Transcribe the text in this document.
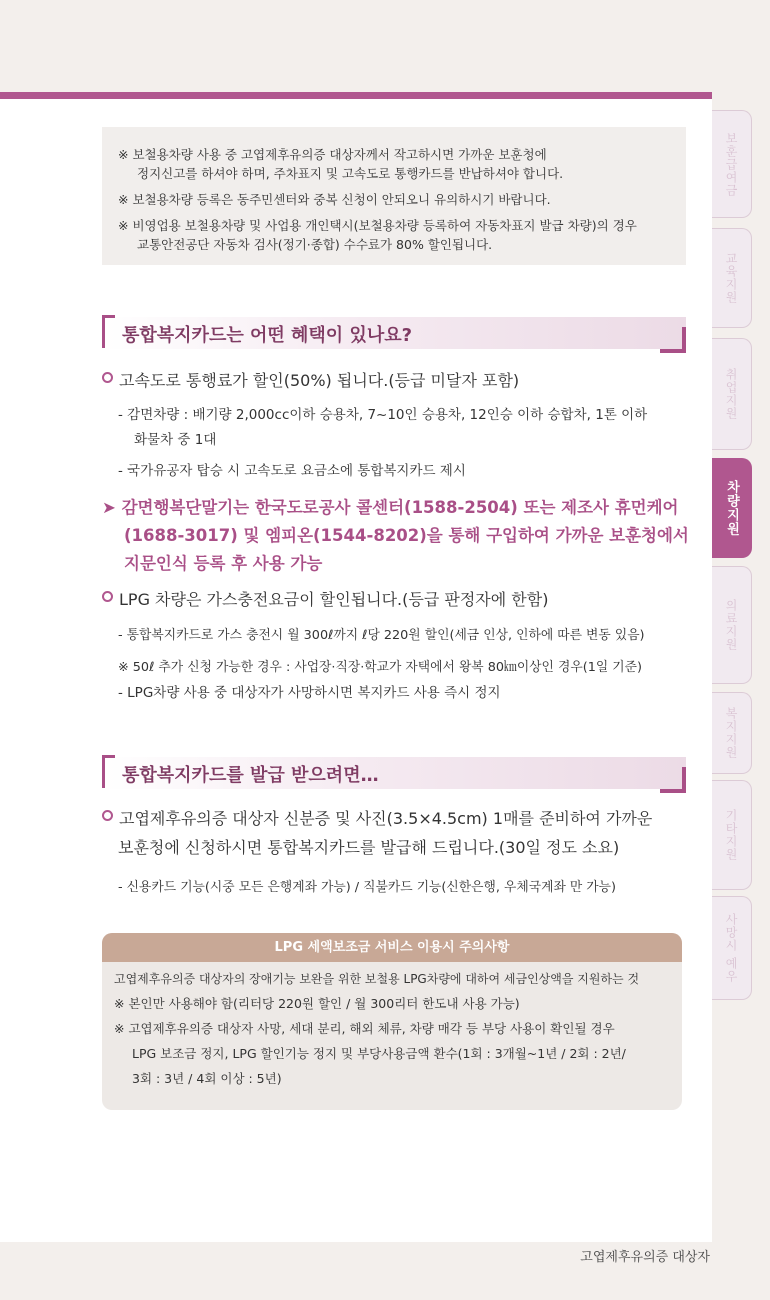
고엽제후유의증 대상자
보훈급여금
교육지원
취업지원
차량지원
의료지원
복지지원
기타지원
사망시 예우
※ 보철용차량 사용 중 고엽제후유의증 대상자께서 작고하시면 가까운 보훈청에
정지신고를 하셔야 하며, 주차표지 및 고속도로 통행카드를 반납하셔야 합니다.
※ 보철용차량 등록은 동주민센터와 중복 신청이 안되오니 유의하시기 바랍니다.
※ 비영업용 보철용차량 및 사업용 개인택시(보철용차량 등록하여 자동차표지 발급 차량)의 경우
교통안전공단 자동차 검사(정기·종합) 수수료가 80% 할인됩니다.
통합복지카드는 어떤 혜택이 있나요?
고속도로 통행료가 할인(50%) 됩니다.(등급 미달자 포함)
- 감면차량 : 배기량 2,000cc이하 승용차, 7~10인 승용차, 12인승 이하 승합차, 1톤 이하
화물차 중 1대
- 국가유공자 탑승 시 고속도로 요금소에 통합복지카드 제시
➤ 감면행복단말기는 한국도로공사 콜센터(1588-2504) 또는 제조사 휴먼케어
(1688-3017) 및 엠피온(1544-8202)을 통해 구입하여 가까운 보훈청에서
지문인식 등록 후 사용 가능
LPG 차량은 가스충전요금이 할인됩니다.(등급 판정자에 한함)
- 통합복지카드로 가스 충전시 월 300ℓ까지 ℓ당 220원 할인(세금 인상, 인하에 따른 변동 있음)
※ 50ℓ 추가 신청 가능한 경우 : 사업장·직장·학교가 자택에서 왕복 80㎞이상인 경우(1일 기준)
- LPG차량 사용 중 대상자가 사망하시면 복지카드 사용 즉시 정지
통합복지카드를 발급 받으려면…
고엽제후유의증 대상자 신분증 및 사진(3.5×4.5cm) 1매를 준비하여 가까운
보훈청에 신청하시면 통합복지카드를 발급해 드립니다.(30일 정도 소요)
- 신용카드 기능(시중 모든 은행계좌 가능) / 직불카드 기능(신한은행, 우체국계좌 만 가능)
LPG 세액보조금 서비스 이용시 주의사항
고엽제후유의증 대상자의 장애기능 보완을 위한 보철용 LPG차량에 대하여 세금인상액을 지원하는 것
※ 본인만 사용해야 함(리터당 220원 할인 / 월 300리터 한도내 사용 가능)
※ 고엽제후유의증 대상자 사망, 세대 분리, 해외 체류, 차량 매각 등 부당 사용이 확인될 경우
LPG 보조금 정지, LPG 할인기능 정지 및 부당사용금액 환수(1회 : 3개월~1년 / 2회 : 2년/
3회 : 3년 / 4회 이상 : 5년)
